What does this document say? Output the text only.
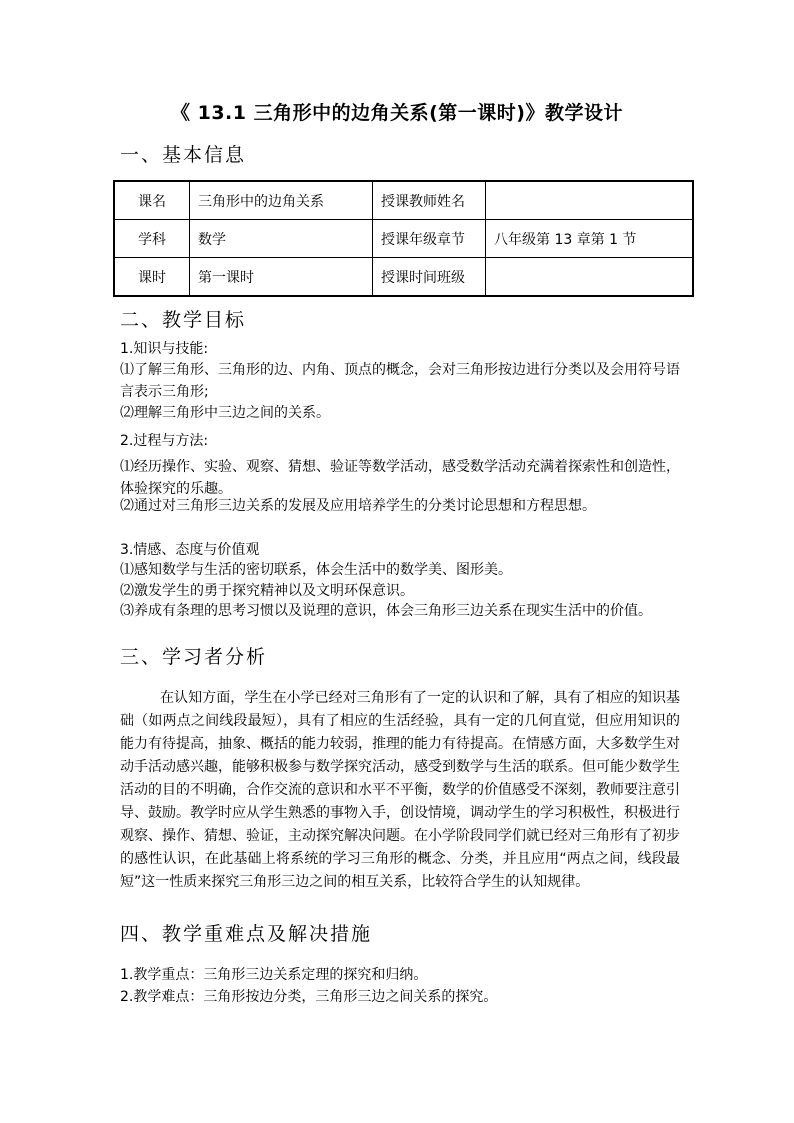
《 13.1 三角形中的边角关系(第一课时)》教学设计
一、基本信息
课名	三角形中的边角关系	授课教师姓名	
学科	数学	授课年级章节	八年级第 13 章第 1 节
课时	第一课时	授课时间班级	
二、教学目标

1.知识与技能:

⑴了解三角形、三角形的边、内角、顶点的概念，会对三角形按边进行分类以及会用符号语言表示三角形;

⑵理解三角形中三边之间的关系。

2.过程与方法:

⑴经历操作、实验、观察、猜想、验证等数学活动，感受数学活动充满着探索性和创造性，体验探究的乐趣。

⑵通过对三角形三边关系的发展及应用培养学生的分类讨论思想和方程思想。

3.情感、态度与价值观

⑴感知数学与生活的密切联系，体会生活中的数学美、图形美。

⑵激发学生的勇于探究精神以及文明环保意识。

⑶养成有条理的思考习惯以及说理的意识，体会三角形三边关系在现实生活中的价值。

三、学习者分析

在认知方面，学生在小学已经对三角形有了一定的认识和了解，具有了相应的知识基础（如两点之间线段最短），具有了相应的生活经验，具有一定的几何直觉，但应用知识的能力有待提高，抽象、概括的能力较弱，推理的能力有待提高。在情感方面，大多数学生对动手活动感兴趣，能够积极参与数学探究活动，感受到数学与生活的联系。但可能少数学生活动的目的不明确，合作交流的意识和水平不平衡，数学的价值感受不深刻，教师要注意引导、鼓励。教学时应从学生熟悉的事物入手，创设情境，调动学生的学习积极性，积极进行观察、操作、猜想、验证，主动探究解决问题。在小学阶段同学们就已经对三角形有了初步的感性认识，在此基础上将系统的学习三角形的概念、分类，并且应用“两点之间，线段最短”这一性质来探究三角形三边之间的相互关系，比较符合学生的认知规律。

四、教学重难点及解决措施

1.教学重点：三角形三边关系定理的探究和归纳。

2.教学难点：三角形按边分类，三角形三边之间关系的探究。
